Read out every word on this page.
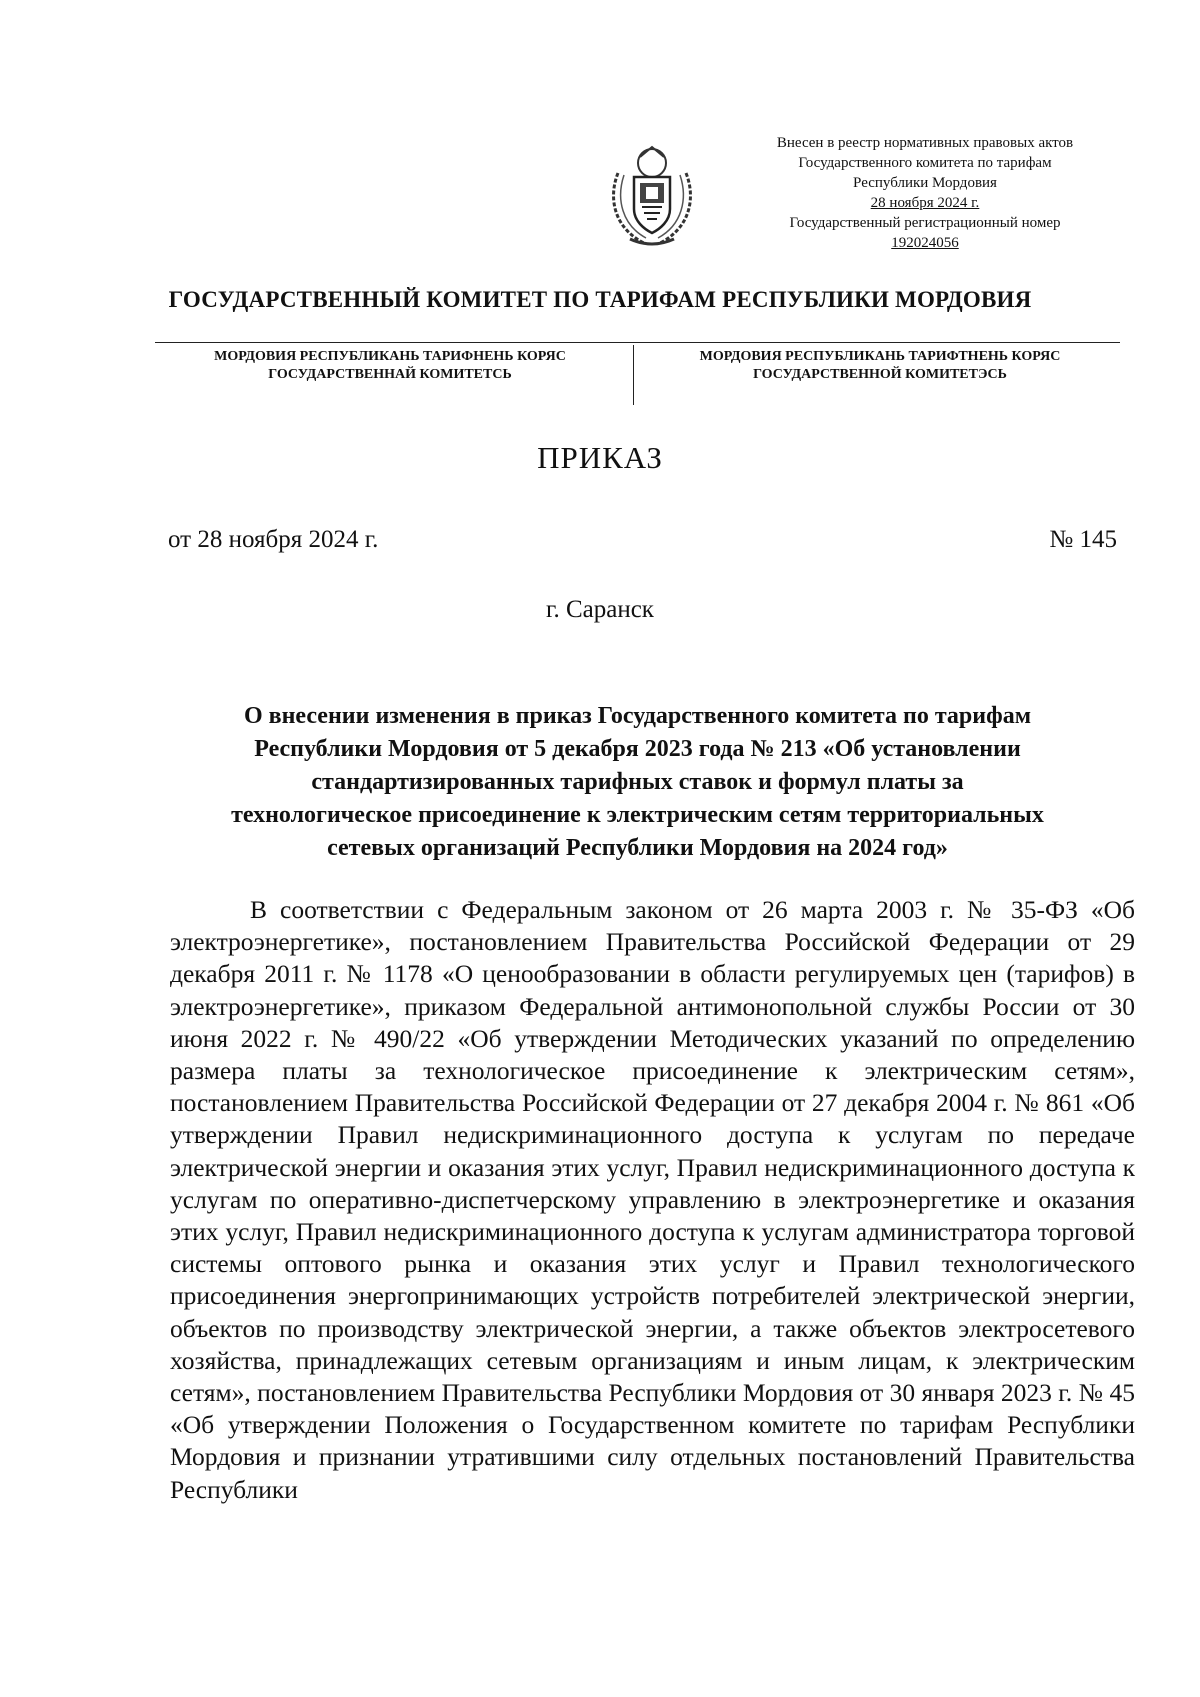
Внесен в реестр нормативных правовых актов
Государственного комитета по тарифам
Республики Мордовия
28 ноября 2024 г.
Государственный регистрационный номер
192024056
ГОСУДАРСТВЕННЫЙ КОМИТЕТ ПО ТАРИФАМ РЕСПУБЛИКИ МОРДОВИЯ
МОРДОВИЯ РЕСПУБЛИКАНЬ ТАРИФНЕНЬ КОРЯС
ГОСУДАРСТВЕННАЙ КОМИТЕТСЬ
МОРДОВИЯ РЕСПУБЛИКАНЬ ТАРИФТНЕНЬ КОРЯС
ГОСУДАРСТВЕННОЙ КОМИТЕТЭСЬ
ПРИКАЗ
от 28 ноября 2024 г.	№ 145
г. Саранск
О внесении изменения в приказ Государственного комитета по тарифам
Республики Мордовия от 5 декабря 2023 года № 213 «Об установлении
стандартизированных тарифных ставок и формул платы за
технологическое присоединение к электрическим сетям территориальных
сетевых организаций Республики Мордовия на 2024 год»

В соответствии с Федеральным законом от 26 марта 2003 г. № 35-ФЗ «Об электроэнергетике», постановлением Правительства Российской Федерации от 29 декабря 2011 г. № 1178 «О ценообразовании в области регулируемых цен (тарифов) в электроэнергетике», приказом Федеральной антимонопольной службы России от 30 июня 2022 г. № 490/22 «Об утверждении Методических указаний по определению размера платы за технологическое присоединение к электрическим сетям», постановлением Правительства Российской Федерации от 27 декабря 2004 г. № 861 «Об утверждении Правил недискриминационного доступа к услугам по передаче электрической энергии и оказания этих услуг, Правил недискриминационного доступа к услугам по оперативно-диспетчерскому управлению в электроэнергетике и оказания этих услуг, Правил недискриминационного доступа к услугам администратора торговой системы оптового рынка и оказания этих услуг и Правил технологического присоединения энергопринимающих устройств потребителей электрической энергии, объектов по производству электрической энергии, а также объектов электросетевого хозяйства, принадлежащих сетевым организациям и иным лицам, к электрическим сетям», постановлением Правительства Республики Мордовия от 30 января 2023 г. № 45 «Об утверждении Положения о Государственном комитете по тарифам Республики Мордовия и признании утратившими силу отдельных постановлений Правительства Республики
